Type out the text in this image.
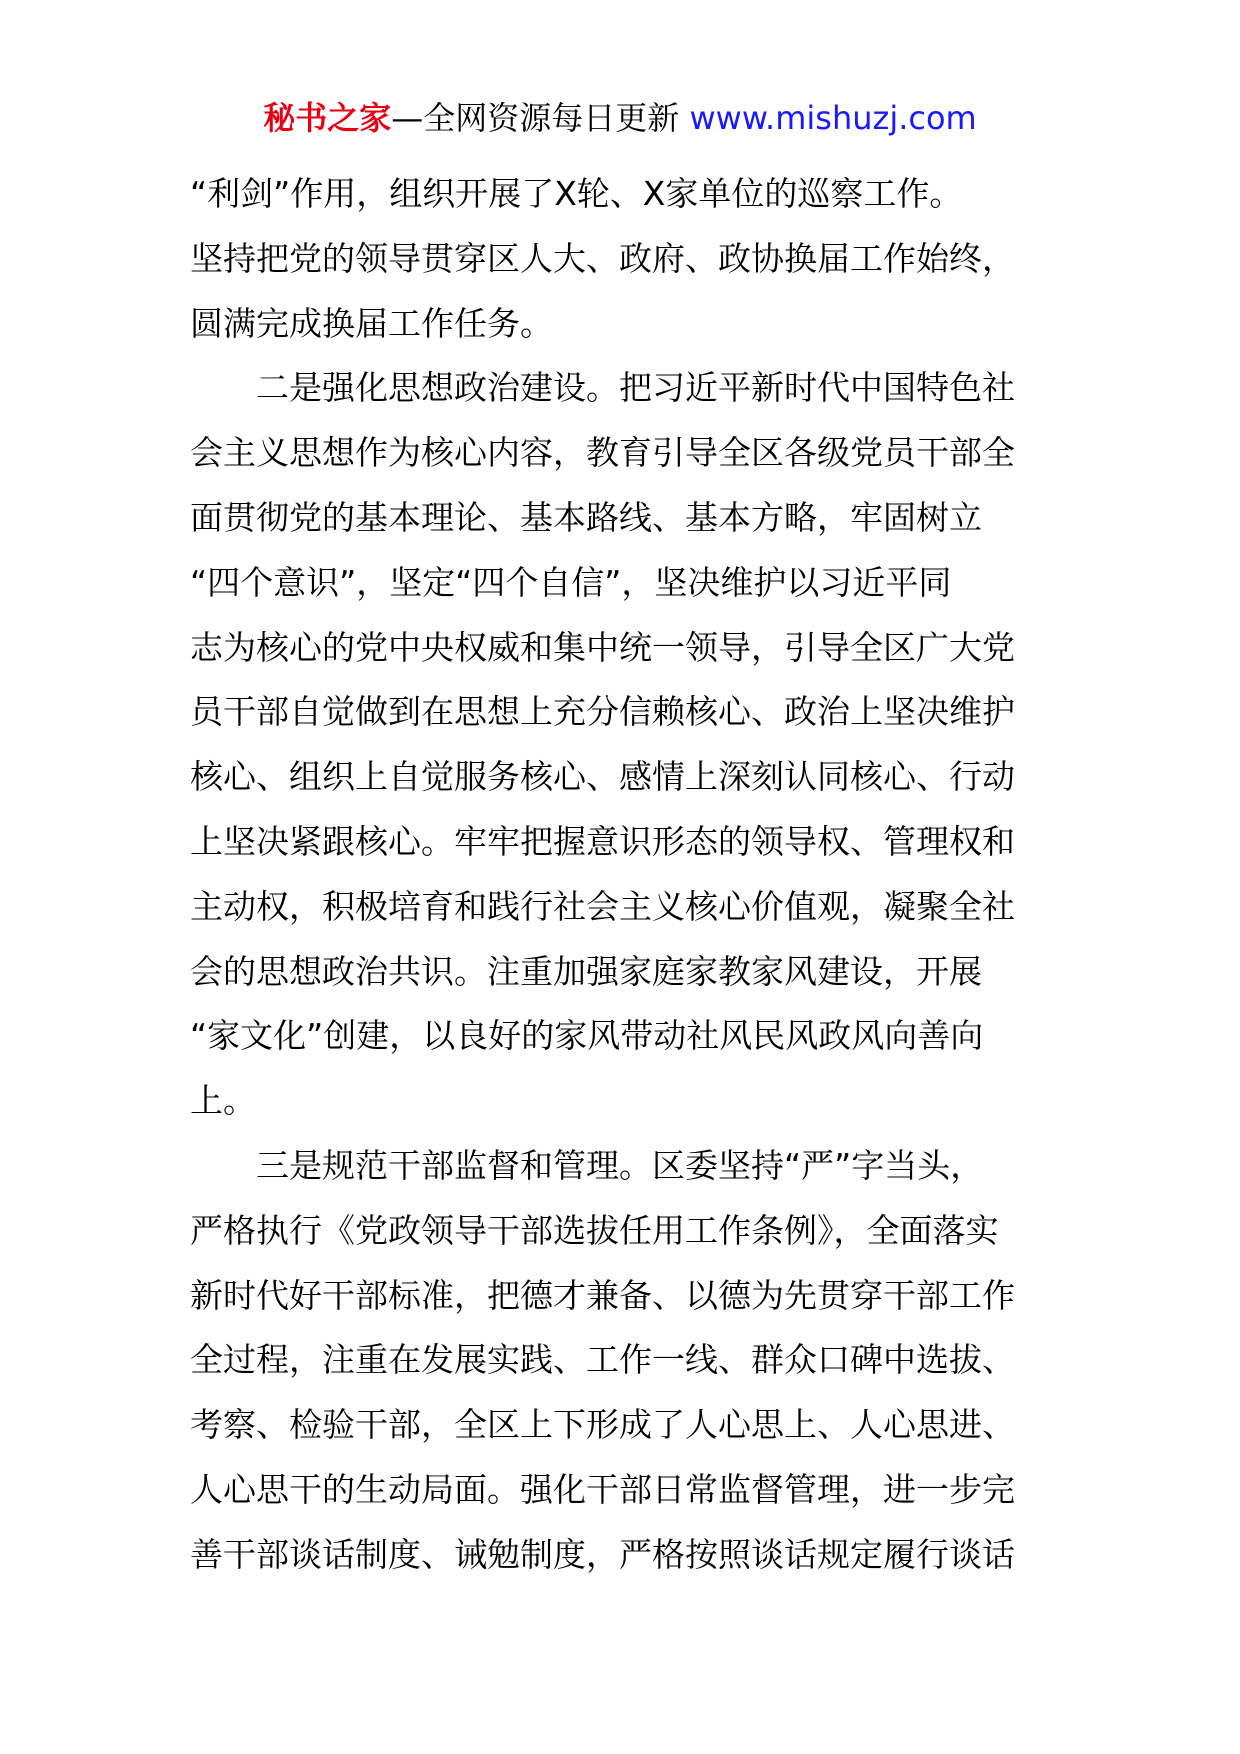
秘书之家—全网资源每日更新 www.mishuzj.com
“利剑”作用，组织开展了X轮、X家单位的巡察工作。
坚持把党的领导贯穿区人大、政府、政协换届工作始终，
圆满完成换届工作任务。
二是强化思想政治建设。把习近平新时代中国特色社
会主义思想作为核心内容，教育引导全区各级党员干部全
面贯彻党的基本理论、基本路线、基本方略，牢固树立
“四个意识”，坚定“四个自信”，坚决维护以习近平同
志为核心的党中央权威和集中统一领导，引导全区广大党
员干部自觉做到在思想上充分信赖核心、政治上坚决维护
核心、组织上自觉服务核心、感情上深刻认同核心、行动
上坚决紧跟核心。牢牢把握意识形态的领导权、管理权和
主动权，积极培育和践行社会主义核心价值观，凝聚全社
会的思想政治共识。注重加强家庭家教家风建设，开展
“家文化”创建，以良好的家风带动社风民风政风向善向
上。
三是规范干部监督和管理。区委坚持“严”字当头，
严格执行《党政领导干部选拔任用工作条例》，全面落实
新时代好干部标准，把德才兼备、以德为先贯穿干部工作
全过程，注重在发展实践、工作一线、群众口碑中选拔、
考察、检验干部，全区上下形成了人心思上、人心思进、
人心思干的生动局面。强化干部日常监督管理，进一步完
善干部谈话制度、诫勉制度，严格按照谈话规定履行谈话
